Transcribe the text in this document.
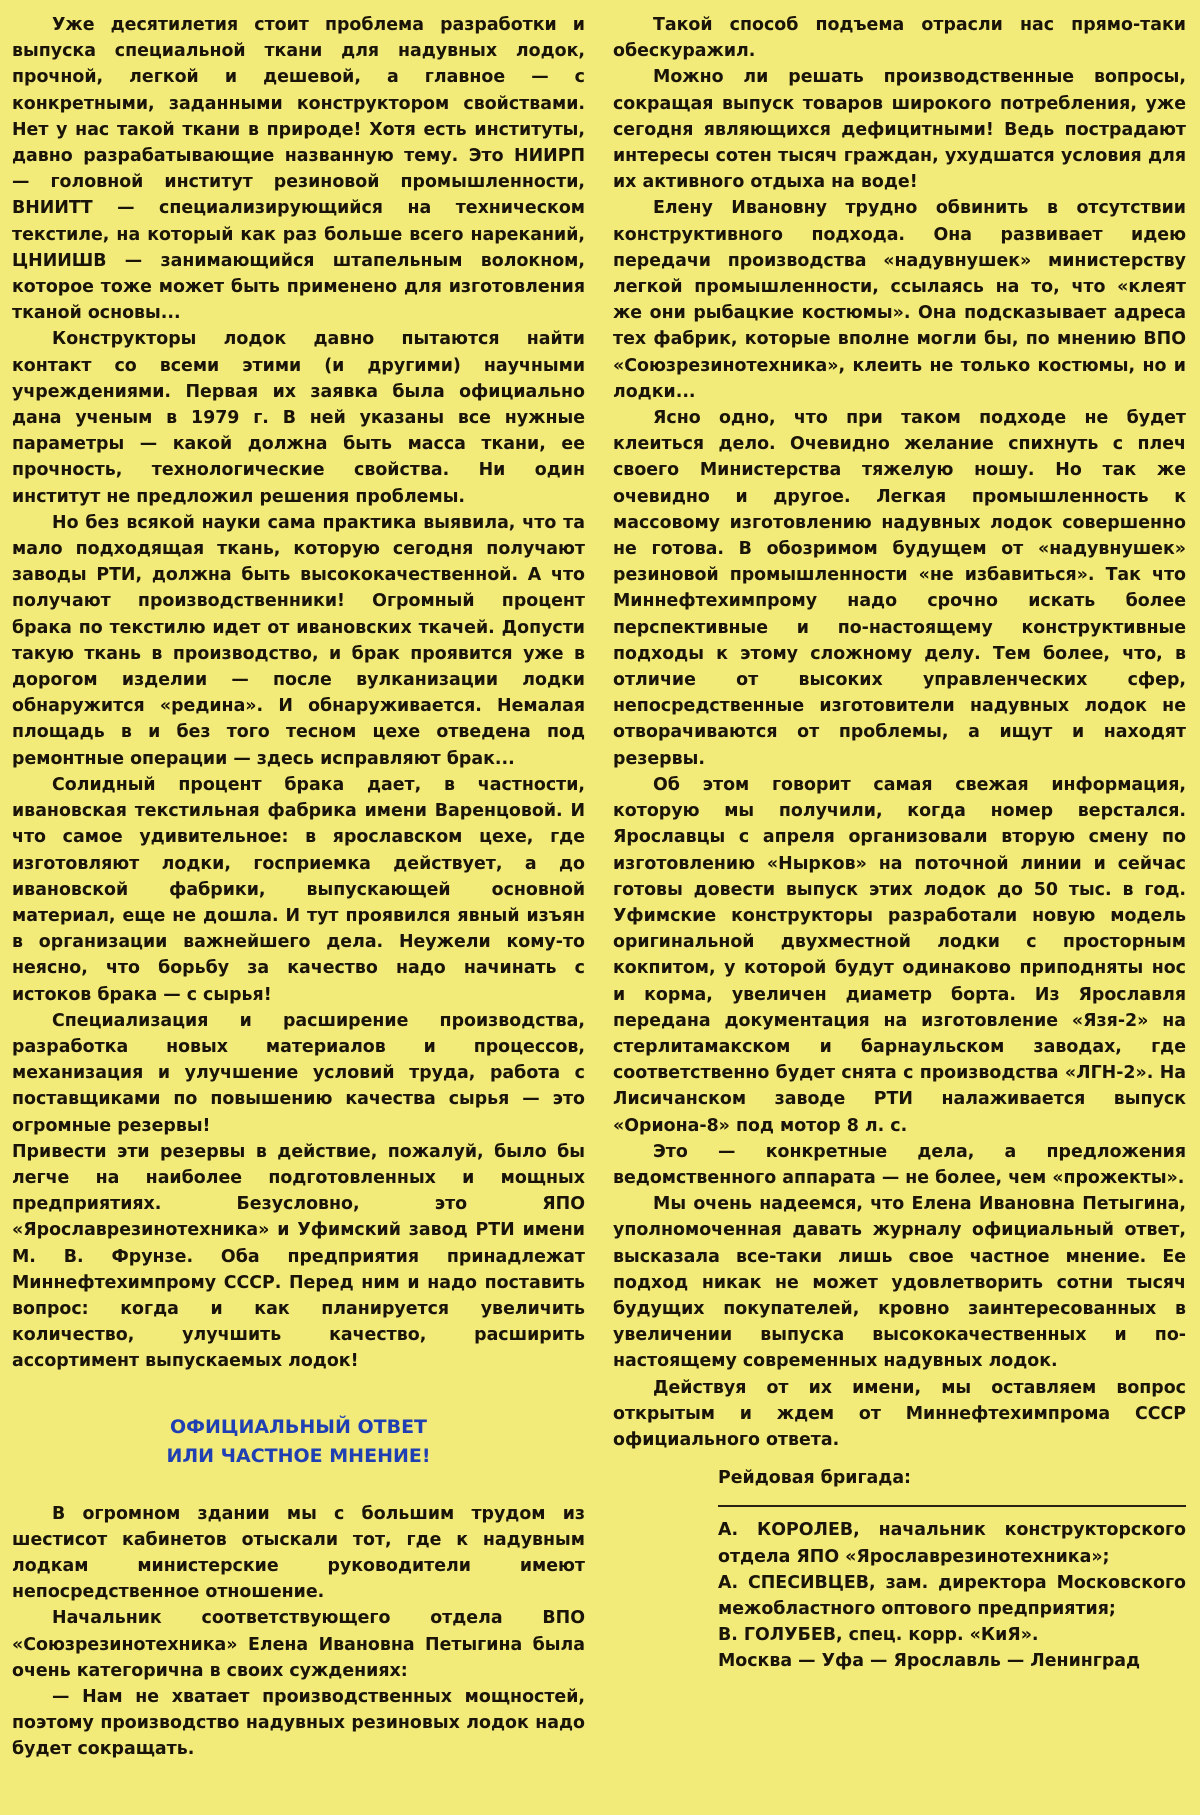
Уже десятилетия стоит проблема разработки и выпуска специальной ткани для надувных лодок, прочной, легкой и дешевой, а главное — с конкретными, заданными конструктором свойствами. Нет у нас такой ткани в природе! Хотя есть институты, давно разрабатывающие названную тему. Это НИИРП — головной институт резиновой промышленности, ВНИИТТ — специализирующийся на техническом текстиле, на который как раз больше всего нареканий, ЦНИИШВ — занимающийся штапельным волокном, которое тоже может быть применено для изготовления тканой основы...

Конструкторы лодок давно пытаются найти контакт со всеми этими (и другими) научными учреждениями. Первая их заявка была официально дана ученым в 1979 г. В ней указаны все нужные параметры — какой должна быть масса ткани, ее прочность, технологические свойства. Ни один институт не предложил решения проблемы.

Но без всякой науки сама практика выявила, что та мало подходящая ткань, которую сегодня получают заводы РТИ, должна быть высококачественной. А что получают производственники! Огромный процент брака по текстилю идет от ивановских ткачей. Допусти такую ткань в производство, и брак проявится уже в дорогом изделии — после вулканизации лодки обнаружится «редина». И обнаруживается. Немалая площадь в и без того тесном цехе отведена под ремонтные операции — здесь исправляют брак...

Солидный процент брака дает, в частности, ивановская текстильная фабрика имени Варенцовой. И что самое удивительное: в ярославском цехе, где изготовляют лодки, госприемка действует, а до ивановской фабрики, выпускающей основной материал, еще не дошла. И тут проявился явный изъян в организации важнейшего дела. Неужели кому-то неясно, что борьбу за качество надо начинать с истоков брака — с сырья!

Специализация и расширение производства, разработка новых материалов и процессов, механизация и улучшение условий труда, работа с поставщиками по повышению качества сырья — это огромные резервы!

Привести эти резервы в действие, пожалуй, было бы легче на наиболее подготовленных и мощных предприятиях. Безусловно, это ЯПО «Ярославрезинотехника» и Уфимский завод РТИ имени М. В. Фрунзе. Оба предприятия принадлежат Миннефтехимпрому СССР. Перед ним и надо поставить вопрос: когда и как планируется увеличить количество, улучшить качество, расширить ассортимент выпускаемых лодок!

ОФИЦИАЛЬНЫЙ ОТВЕТ
ИЛИ ЧАСТНОЕ МНЕНИЕ!

В огромном здании мы с большим трудом из шестисот кабинетов отыскали тот, где к надувным лодкам министерские руководители имеют непосредственное отношение.

Начальник соответствующего отдела ВПО «Союзрезинотехника» Елена Ивановна Петыгина была очень категорична в своих суждениях:

— Нам не хватает производственных мощностей, поэтому производство надувных резиновых лодок надо будет сокращать.

Такой способ подъема отрасли нас прямо-таки обескуражил.

Можно ли решать производственные вопросы, сокращая выпуск товаров широкого потребления, уже сегодня являющихся дефицитными! Ведь пострадают интересы сотен тысяч граждан, ухудшатся условия для их активного отдыха на воде!

Елену Ивановну трудно обвинить в отсутствии конструктивного подхода. Она развивает идею передачи производства «надувнушек» министерству легкой промышленности, ссылаясь на то, что «клеят же они рыбацкие костюмы». Она подсказывает адреса тех фабрик, которые вполне могли бы, по мнению ВПО «Союзрезинотехника», клеить не только костюмы, но и лодки...

Ясно одно, что при таком подходе не будет клеиться дело. Очевидно желание спихнуть с плеч своего Министерства тяжелую ношу. Но так же очевидно и другое. Легкая промышленность к массовому изготовлению надувных лодок совершенно не готова. В обозримом будущем от «надувнушек» резиновой промышленности «не избавиться». Так что Миннефтехимпрому надо срочно искать более перспективные и по-настоящему конструктивные подходы к этому сложному делу. Тем более, что, в отличие от высоких управленческих сфер, непосредственные изготовители надувных лодок не отворачиваются от проблемы, а ищут и находят резервы.

Об этом говорит самая свежая информация, которую мы получили, когда номер верстался. Ярославцы с апреля организовали вторую смену по изготовлению «Нырков» на поточной линии и сейчас готовы довести выпуск этих лодок до 50 тыс. в год. Уфимские конструкторы разработали новую модель оригинальной двухместной лодки с просторным кокпитом, у которой будут одинаково приподняты нос и корма, увеличен диаметр борта. Из Ярославля передана документация на изготовление «Язя-2» на стерлитамакском и барнаульском заводах, где соответственно будет снята с производства «ЛГН-2». На Лисичанском заводе РТИ налаживается выпуск «Ориона-8» под мотор 8 л. с.

Это — конкретные дела, а предложения ведомственного аппарата — не более, чем «прожекты».

Мы очень надеемся, что Елена Ивановна Петыгина, уполномоченная давать журналу официальный ответ, высказала все-таки лишь свое частное мнение. Ее подход никак не может удовлетворить сотни тысяч будущих покупателей, кровно заинтересованных в увеличении выпуска высококачественных и по-настоящему современных надувных лодок.

Действуя от их имени, мы оставляем вопрос открытым и ждем от Миннефтехимпрома СССР официального ответа.

Рейдовая бригада:

А. КОРОЛЕВ, начальник конструкторского отдела ЯПО «Ярославрезинотехника»;

А. СПЕСИВЦЕВ, зам. директора Московского межобластного оптового предприятия;

В. ГОЛУБЕВ, спец. корр. «КиЯ».

Москва — Уфа — Ярославль — Ленинград
